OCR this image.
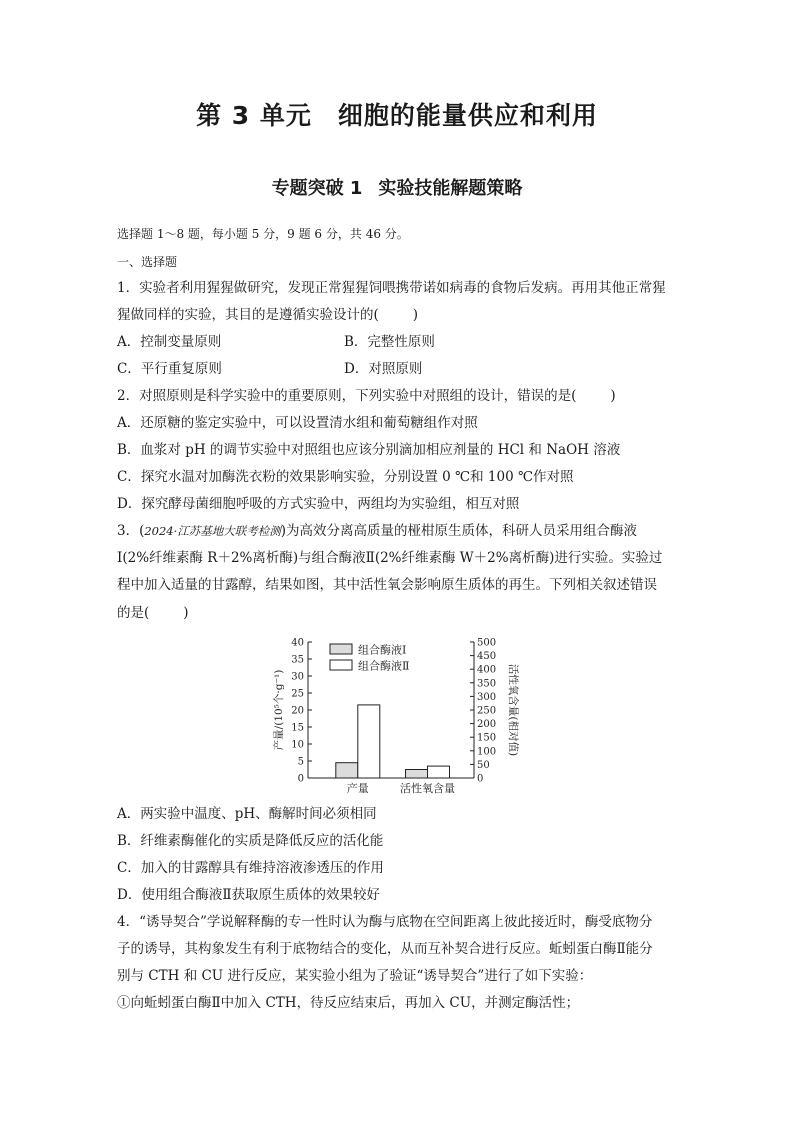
第 3 单元 细胞的能量供应和利用
专题突破 1 实验技能解题策略
选择题 1～8 题，每小题 5 分，9 题 6 分，共 46 分。
一、选择题
1．实验者利用猩猩做研究，发现正常猩猩饲喂携带诺如病毒的食物后发病。再用其他正常猩
猩做同样的实验，其目的是遵循实验设计的(	)
A．控制变量原则	B．完整性原则
C．平行重复原则	D．对照原则
2．对照原则是科学实验中的重要原则，下列实验中对照组的设计，错误的是(	)
A．还原糖的鉴定实验中，可以设置清水组和葡萄糖组作对照
B．血浆对 pH 的调节实验中对照组也应该分别滴加相应剂量的 HCl 和 NaOH 溶液
C．探究水温对加酶洗衣粉的效果影响实验，分别设置 0 ℃和 100 ℃作对照
D．探究酵母菌细胞呼吸的方式实验中，两组均为实验组，相互对照
3．(2024·江苏基地大联考检测)为高效分离高质量的桠柑原生质体，科研人员采用组合酶液
Ⅰ(2%纤维素酶 R＋2%离析酶)与组合酶液Ⅱ(2%纤维素酶 W＋2%离析酶)进行实验。实验过
程中加入适量的甘露醇，结果如图，其中活性氧会影响原生质体的再生。下列相关叙述错误
的是(	)
0
5
10
15
20
25
30
35
40
0
50
100
150
200
250
300
350
400
450
500
产量/(10⁵个·g⁻¹)	活性氧含量(相对值)
产量	活性氧含量
组合酶液Ⅰ
组合酶液Ⅱ
A．两实验中温度、pH、酶解时间必须相同
B．纤维素酶催化的实质是降低反应的活化能
C．加入的甘露醇具有维持溶液渗透压的作用
D．使用组合酶液Ⅱ获取原生质体的效果较好
4．“诱导契合”学说解释酶的专一性时认为酶与底物在空间距离上彼此接近时，酶受底物分
子的诱导，其构象发生有利于底物结合的变化，从而互补契合进行反应。蚯蚓蛋白酶Ⅱ能分
别与 CTH 和 CU 进行反应，某实验小组为了验证“诱导契合”进行了如下实验：
①向蚯蚓蛋白酶Ⅱ中加入 CTH，待反应结束后，再加入 CU，并测定酶活性；
